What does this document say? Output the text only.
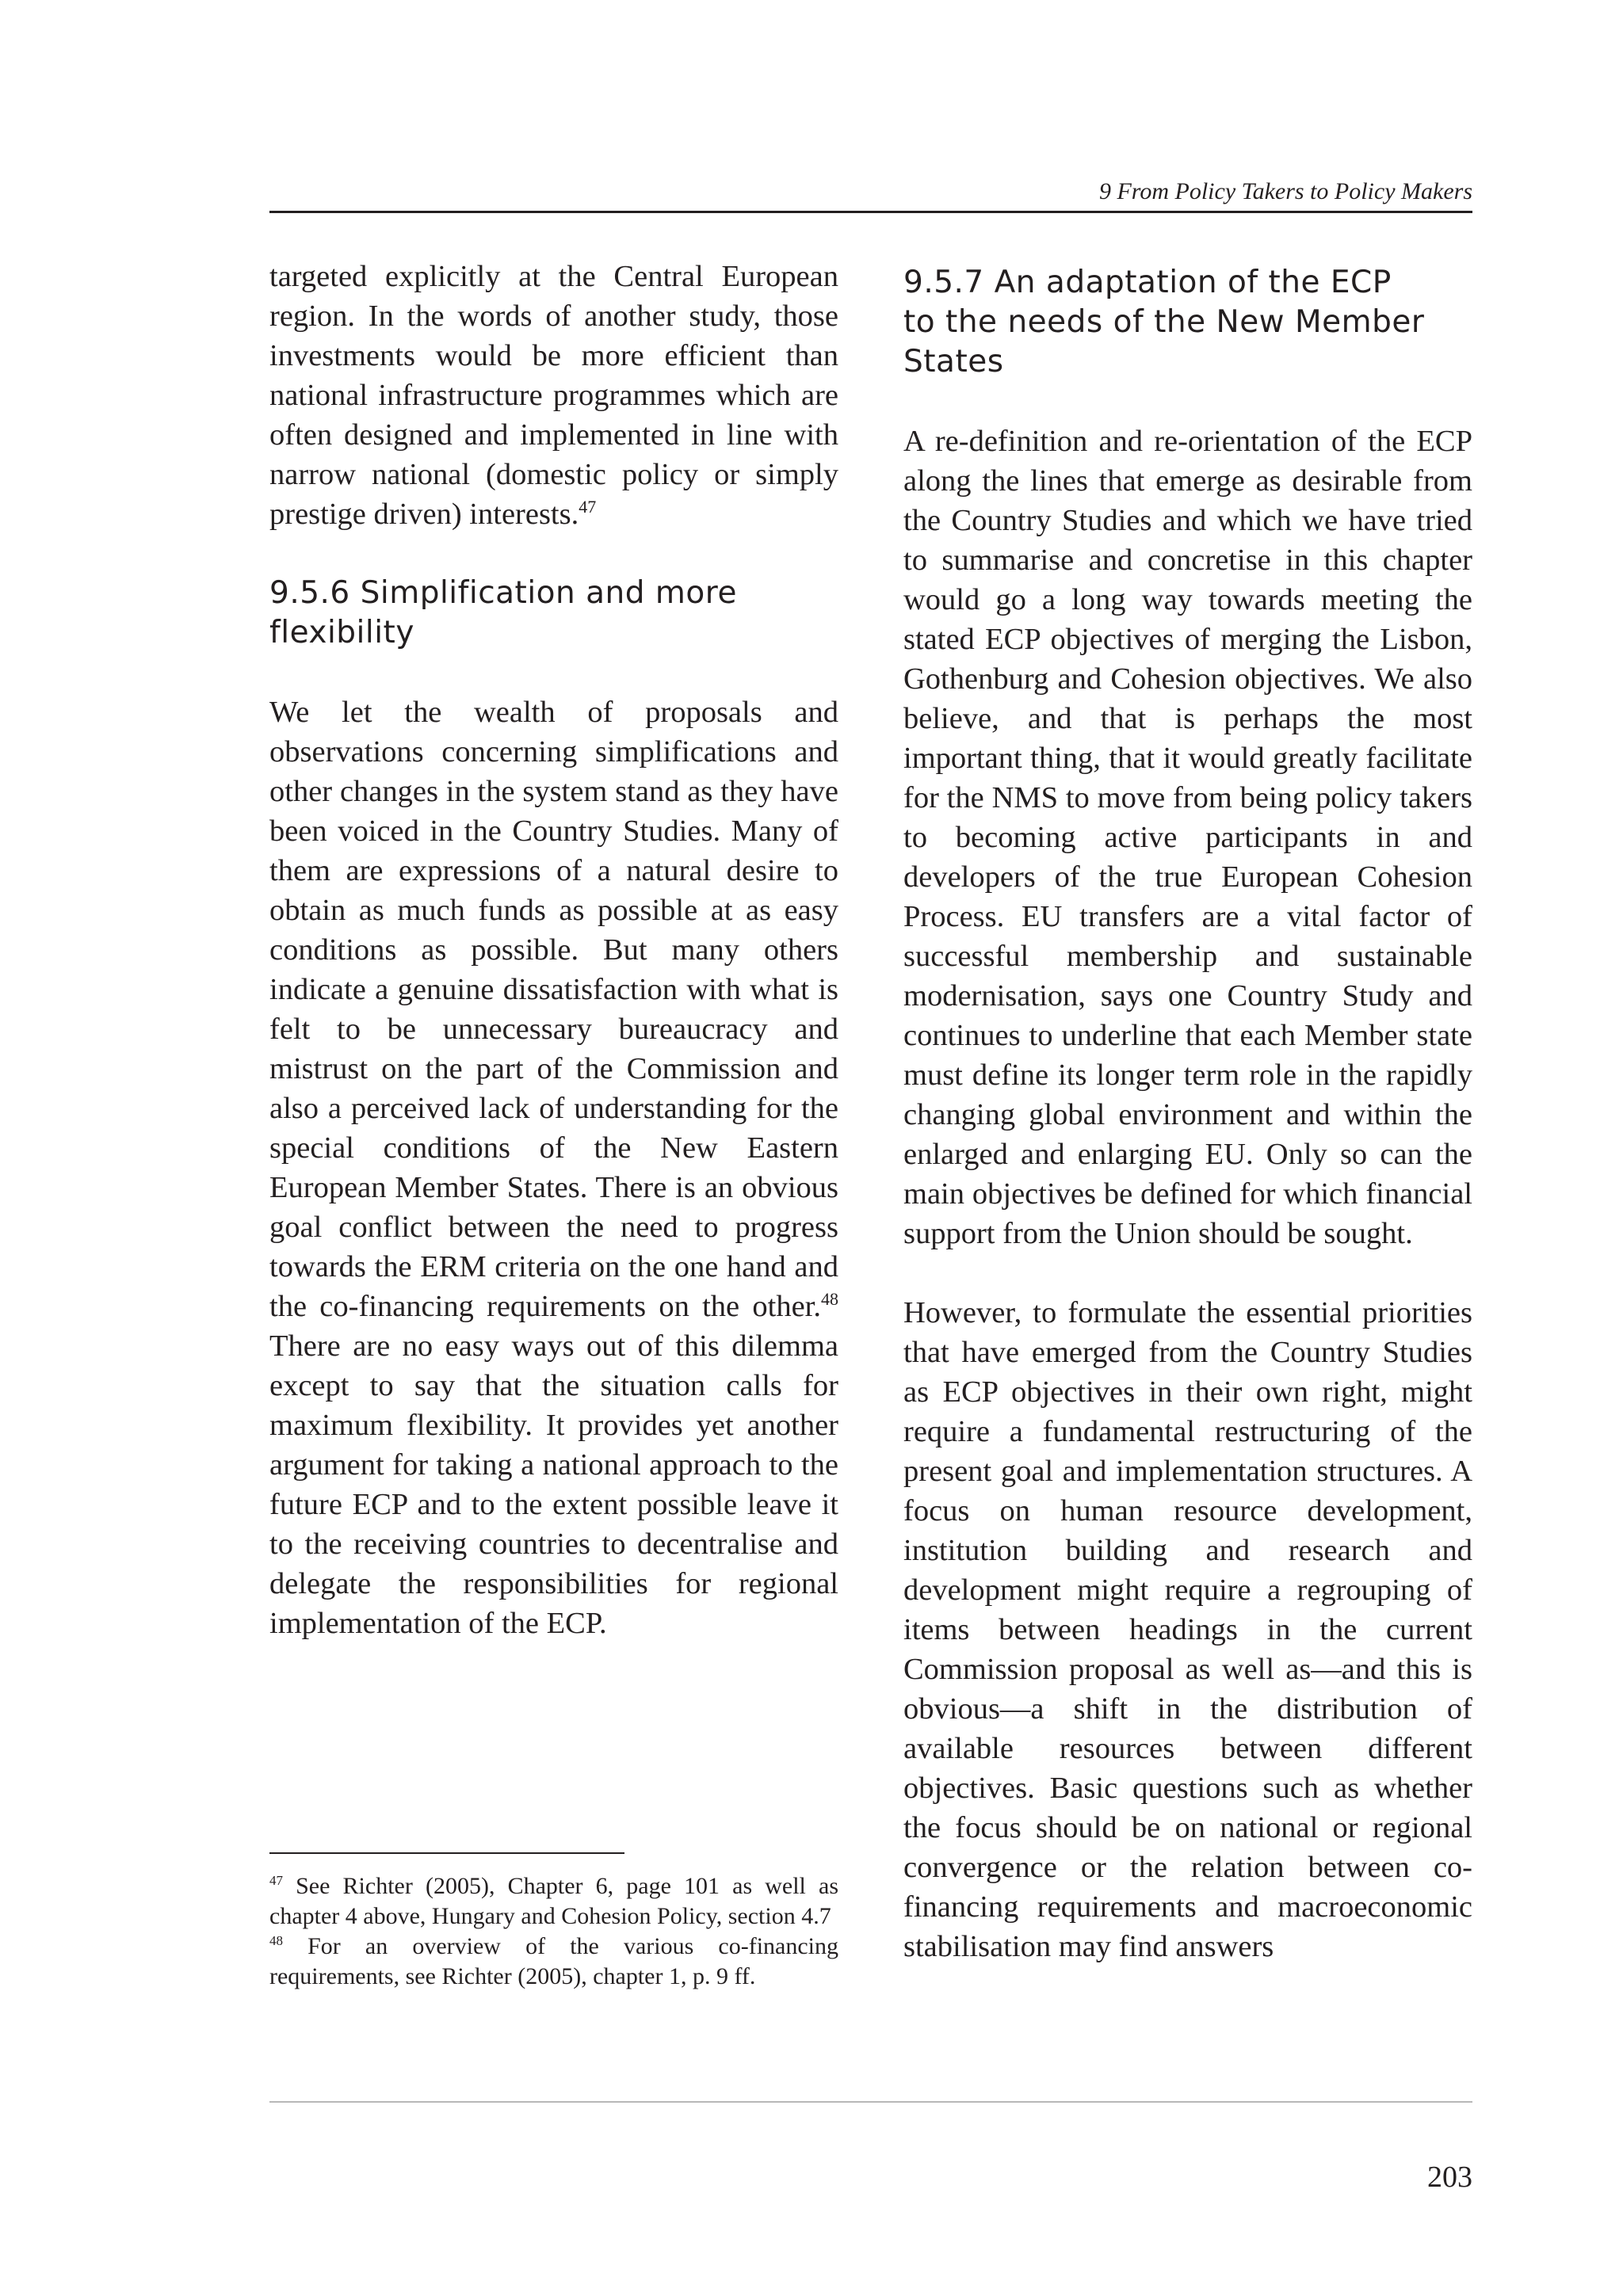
9 From Policy Takers to Policy Makers

targeted explicitly at the Central European region. In the words of another study, those investments would be more efficient than national infrastructure programmes which are often designed and implemented in line with narrow national (domestic policy or simply prestige driven) interests.$^{47}$

9.5.6 Simplification and more flexibility

We let the wealth of proposals and observations concerning simplifications and other changes in the system stand as they have been voiced in the Country Studies. Many of them are expressions of a natural desire to obtain as much funds as possible at as easy conditions as possible. But many others indicate a genuine dissatisfaction with what is felt to be unnecessary bureaucracy and mistrust on the part of the Commission and also a perceived lack of understanding for the special conditions of the New Eastern European Member States. There is an obvious goal conflict between the need to progress towards the ERM criteria on the one hand and the co-financing requirements on the other.$^{48}$ There are no easy ways out of this dilemma except to say that the situation calls for maximum flexibility. It provides yet another argument for taking a national approach to the future ECP and to the extent possible leave it to the receiving countries to decentralise and delegate the responsibilities for regional implementation of the ECP.

9.5.7 An adaptation of the ECP
to the needs of the New Member States

A re-definition and re-orientation of the ECP along the lines that emerge as desirable from the Country Studies and which we have tried to summarise and concretise in this chapter would go a long way towards meeting the stated ECP objectives of merging the Lisbon, Gothenburg and Cohesion objectives. We also believe, and that is perhaps the most important thing, that it would greatly facilitate for the NMS to move from being policy takers to becoming active participants in and developers of the true European Cohesion Process. EU transfers are a vital factor of successful membership and sustainable modernisation, says one Country Study and continues to underline that each Member state must define its longer term role in the rapidly changing global environment and within the enlarged and enlarging EU. Only so can the main objectives be defined for which financial support from the Union should be sought.

However, to formulate the essential priorities that have emerged from the Country Studies as ECP objectives in their own right, might require a fundamental restructuring of the present goal and implementation structures. A focus on human resource development, institution building and research and development might require a regrouping of items between headings in the current Commission proposal as well as—and this is obvious—a shift in the distribution of available resources between different objectives. Basic questions such as whether the focus should be on national or regional convergence or the relation between co-financing requirements and macroeconomic stabilisation may find answers

$^{47}$ See Richter (2005), Chapter 6, page 101 as well as chapter 4 above, Hungary and Cohesion Policy, section 4.7

$^{48}$ For an overview of the various co-financing requirements, see Richter (2005), chapter 1, p. 9 ff.

203
